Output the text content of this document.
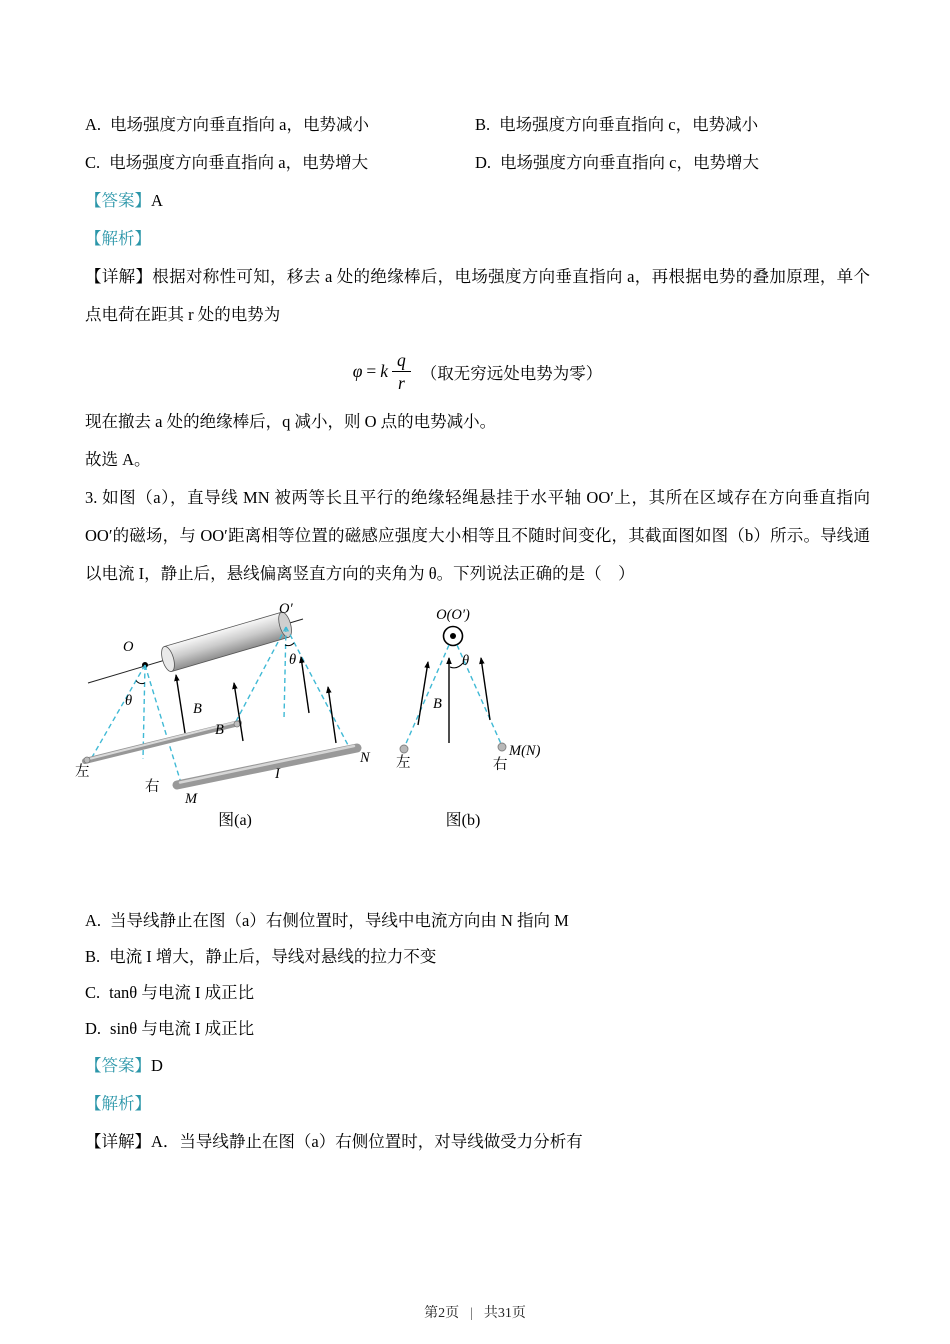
A. 电场强度方向垂直指向 a，电势减小	B. 电场强度方向垂直指向 c，电势减小
C. 电场强度方向垂直指向 a，电势增大	D. 电场强度方向垂直指向 c，电势增大
【答案】A
【解析】
【详解】根据对称性可知，移去 a 处的绝缘棒后，电场强度方向垂直指向 a，再根据电势的叠加原理，单个点电荷在距其 r 处的电势为
φ = k $\frac{q}{r}$ （取无穷远处电势为零）
现在撤去 a 处的绝缘棒后，q 减小，则 O 点的电势减小。
故选 A。
3. 如图（a），直导线 MN 被两等长且平行的绝缘轻绳悬挂于水平轴 OO′上，其所在区域存在方向垂直指向 OO′的磁场，与 OO′距离相等位置的磁感应强度大小相等且不随时间变化，其截面图如图（b）所示。导线通以电流 I，静止后，悬线偏离竖直方向的夹角为 θ。下列说法正确的是（　）
O
O′
θ
θ
B
B
左
右
M
I
N
O(O′)
B
θ
左	右
M(N)
图(a)	图(b)
A. 当导线静止在图（a）右侧位置时，导线中电流方向由 N 指向 M
B. 电流 I 增大，静止后，导线对悬线的拉力不变
C. tanθ 与电流 I 成正比
D. sinθ 与电流 I 成正比
【答案】D
【解析】
【详解】A．当导线静止在图（a）右侧位置时，对导线做受力分析有
第2页 | 共31页
